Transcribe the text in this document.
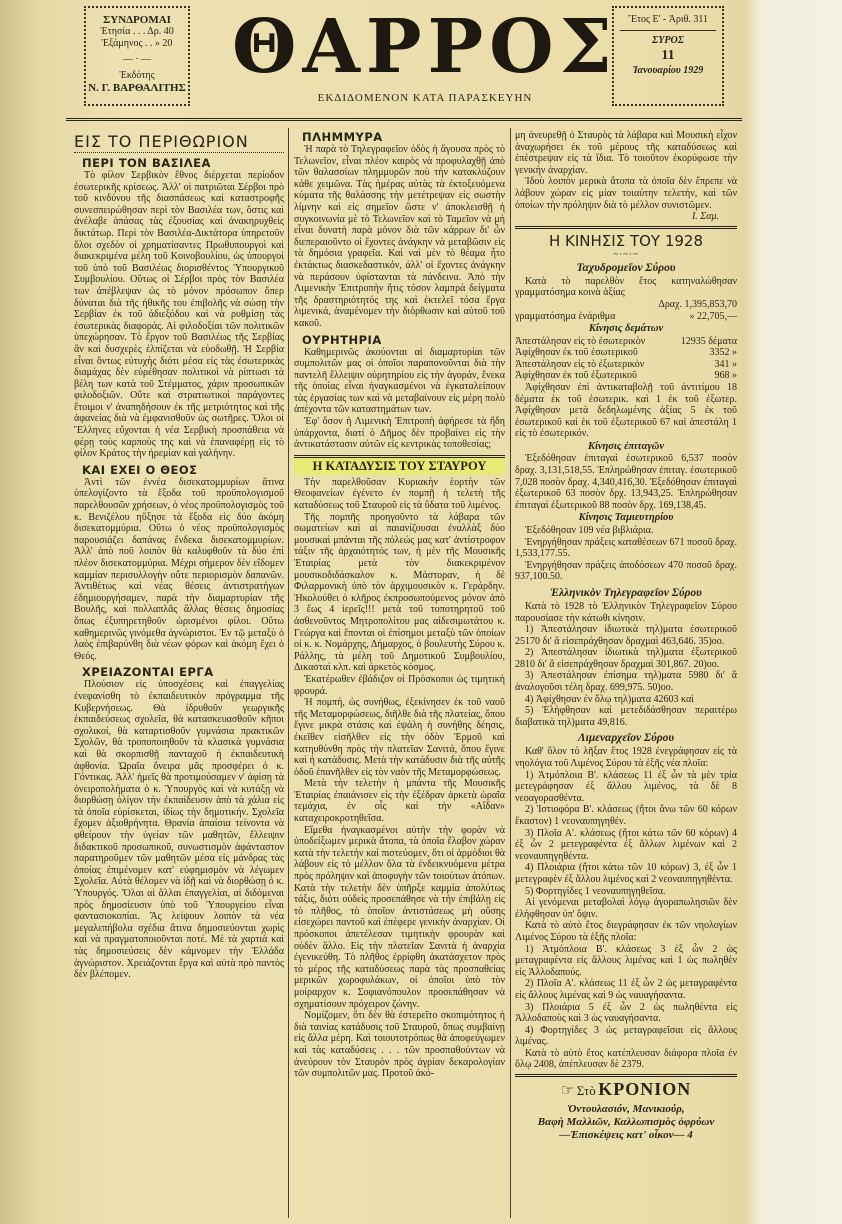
ΣΥΝΔΡΟΜΑΙ
Ἐτησία . . . Δρ. 40
Ἐξάμηνος . . » 20
— · —
Ἐκδότης
Ν. Γ. ΒΑΡΘΑΛΙΤΗΣ ΘΑΡΡΟΣ
ΕΚΔΙΔΟΜΕΝΟΝ ΚΑΤΑ ΠΑΡΑΣΚΕΥΗΝ
Ἔτος Ε' - Ἀριθ. 311
ΣΥΡΟΣ
11
Ἰανουαρίου 1929
ΕΙΣ ΤΟ ΠΕΡΙΘΩΡΙΟΝ
ΠΕΡΙ ΤΟΝ ΒΑΣΙΛΕΑ

Τὸ φίλον Σερβικὸν ἔθνος διέρχεται περίοδον ἐσωτερικῆς κρίσεως. Ἀλλ' οἱ πατριῶται Σέρβοι πρὸ τοῦ κινδύνου τῆς διασπάσεως καὶ καταστροφῆς συνεσπειρώθησαν περὶ τὸν Βασιλέα των, ὅστις καὶ ἀνέλαβε ἁπάσας τὰς ἐξουσίας καὶ ἀνακηρυχθεὶς δικτάτωρ. Περὶ τὸν Βασιλέα-Δικτάτορα ὑπηρετοῦν ὅλοι σχεδὸν οἱ χρηματίσαντες Πρωθυπουργοὶ καὶ διακεκριμένα μέλη τοῦ Κοινοβουλίου, ὡς ὑπουργοὶ τοῦ ὑπὸ τοῦ Βασιλέως διορισθέντος Ὑπουργικοῦ Συμβουλίου. Οὕτως οἱ Σέρβοι πρὸς τὸν Βασιλέα των ἀπέβλεψαν ὡς τὸ μόνον πρόσωπον ὅπερ δύναται διὰ τῆς ἠθικῆς του ἐπιβολῆς νὰ σώσῃ τὴν Σερβίαν ἐκ τοῦ ἀδιεξόδου καὶ νὰ ρυθμίσῃ τὰς ἐσωτερικὰς διαφοράς. Αἱ φιλοδοξίαι τῶν πολιτικῶν ὑπεχώρησαν. Τὸ ἔργον τοῦ Βασιλέως τῆς Σερβίας ἂν καὶ δυσχερὲς ἐλπίζεται νὰ εὐοδωθῇ. Ἡ Σερβία εἶναι ὄντως εὐτυχὴς διότι μέσα εἰς τὰς ἐσωτερικὰς διαμάχας δὲν εὑρέθησαν πολιτικοὶ νὰ ρίπτωσι τὰ βέλη των κατὰ τοῦ Στέμματος, χάριν προσωπικῶν φιλοδοξιῶν. Οὔτε καὶ στρατιωτικοὶ παράγοντες ἕτοιμοι ν' ἀναπηδήσουν ἐκ τῆς μετριότητος καὶ τῆς ἀφανείας διὰ νὰ ἐμφανισθοῦν ὡς σωτῆρες. Ὅλοι οἱ Ἕλληνες εὔχονται ἡ νέα Σερβικὴ προσπάθεια νὰ φέρῃ τοὺς καρποὺς της καὶ νὰ ἐπαναφέρῃ εἰς τὸ φίλον Κράτος τὴν ἠρεμίαν καὶ γαλήνην.

ΚΑΙ ΕΧΕΙ Ο ΘΕΟΣ

Ἀντὶ τῶν ἐννέα δισεκατομμυρίων ἅτινα ὑπελογίζοντο τὰ ἔξοδα τοῦ προϋπολογισμοῦ παρελθουσῶν χρήσεων, ὁ νέος προϋπολογισμὸς τοῦ κ. Βενιζέλου ηὔξησε τὰ ἔξοδα εἰς δύο ἀκόμη δισεκατομμύρια. Οὕτω ὁ νέος προϋπολογισμὸς παρουσιάζει δαπάνας ἕνδεκα δισεκατομμυρίων. Ἀλλ' ἀπὸ ποῦ λοιπὸν θὰ καλυφθοῦν τὰ δύο ἐπὶ πλέον δισεκατομμύρια. Μέχρι σήμερον δὲν εἴδομεν καμμίαν περισυλλογὴν οὔτε περιορισμὸν δαπανῶν. Ἀντιθέτως καὶ νέας θέσεις ἀντιστρατήγων ἐδημιουργήσαμεν, παρὰ τὴν διαμαρτυρίαν τῆς Βουλῆς, καὶ πολλαπλᾶς ἄλλας θέσεις δημοσίας ὅπως ἐξυπηρετηθοῦν ὡρισμένοι φίλοι. Οὕτω καθημερινῶς γινόμεθα ἀγνώριστοι. Ἐν τῷ μεταξὺ ὁ λαὸς ἐπιβαρύνθη διὰ νέων φόρων καὶ ἀκόμη ἔχει ὁ Θεός.

ΧΡΕΙΑΖΟΝΤΑΙ ΕΡΓΑ

Πλούσιον εἰς ὑποσχέσεις καὶ ἐπαγγελίας ἐνεφανίσθη τὸ ἐκπαιδευτικὸν πρόγραμμα τῆς Κυβερνήσεως. Θὰ ἱδρυθοῦν γεωργικῆς ἐκπαιδεύσεως σχολεῖα, θὰ κατασκευασθοῦν κῆποι σχολικοί, θὰ καταρτισθοῦν γυμνάσια πρακτικῶν Σχολῶν, θὰ τροποποιηθοῦν τὰ κλασικὰ γυμνάσια καὶ θὰ σκορπισθῇ πανταχοῦ ἡ ἐκπαιδευτικὴ ἀφθονία. Ὡραῖα ὄνειρα μᾶς προσφέρει ὁ κ. Γόντικας. Ἀλλ' ἡμεῖς θὰ προτιμούσαμεν ν' ἀφίσῃ τὰ ὀνειροπολήματα ὁ κ. Ὑπουργὸς καὶ νὰ κυτάξῃ νὰ διορθώσῃ ὀλίγον τὴν ἐκπαίδευσιν ἀπὸ τὰ χάλια εἰς τὰ ὁποῖα εὑρίσκεται, ἰδίως τὴν δημοτικήν. Σχολεῖα ἔχομεν ἀξιοθρήνητα. Θρανία ἀπαίσια τείνοντα νὰ φθείρουν τὴν ὑγείαν τῶν μαθητῶν, ἔλλειψιν διδακτικοῦ προσωπικοῦ, συνωστισμὸν ἀφάνταστον παρατηροῦμεν τῶν μαθητῶν μέσα εἰς μάνδρας τὰς ὁποίας ἐπιμένομεν κατ' εὐφημισμὸν νὰ λέγωμεν Σχολεῖα. Αὐτὰ θέλομεν νὰ ἰδῇ καὶ νὰ διορθώσῃ ὁ κ. Ὑπουργός. Ὅλαι αἱ ἄλλαι ἐπαγγελίαι, αἱ διδόμεναι πρὸς δημοσίευσιν ὑπὸ τοῦ Ὑπουργείου εἶναι φαντασιοκοπίαι. Ἂς λείψουν λοιπὸν τὰ νέα μεγαλεπήβολα σχέδια ἅτινα δημοσιεύονται χωρὶς καὶ νὰ πραγματοποιοῦνται ποτέ. Μὲ τὰ χαρτιὰ καὶ τὰς δημοσιεύσεις δὲν κάμνομεν τὴν Ἑλλάδα ἀγνώριστον. Χρειάζονται ἔργα καὶ αὐτὰ πρὸ παντὸς δὲν βλέπομεν.

ΠΛΗΜΜΥΡΑ

Ἡ παρὰ τὸ Τηλεγραφεῖον ὁδὸς ἡ ἄγουσα πρὸς τὸ Τελωνεῖον, εἶναι πλέον καιρὸς νὰ προφυλαχθῇ ἀπὸ τῶν θαλασσίων πλημμυρῶν ποὺ τὴν κατακλύζουν κάθε χειμῶνα. Τὰς ἡμέρας αὐτὰς τὰ ἐκτοξευόμενα κύματα τῆς θαλάσσης τὴν μετέτρεψαν εἰς σωστὴν λίμνην καὶ εἰς σημεῖον ὥστε ν' ἀποκλεισθῇ ἡ συγκοινωνία μὲ τὸ Τελωνεῖον καὶ τὸ Ταμεῖον νὰ μὴ εἶναι δυνατὴ παρὰ μόνον διὰ τῶν κάρρων δι' ὧν διεπεραιοῦντο οἱ ἔχοντες ἀνάγκην νὰ μεταβῶσιν εἰς τὰ δημόσια γραφεῖα. Καὶ ναὶ μὲν τὸ θέαμα ἦτο ἐκτάκτως διασκεδαστικόν, ἀλλ' οἱ ἔχοντες ἀνάγκην νὰ περάσουν ὑφίστανται τὰ πάνδεινα. Ἀπὸ τὴν Λιμενικὴν Ἐπιτροπὴν ἥτις τόσον λαμπρὰ δείγματα τῆς δραστηριότητός της καὶ ἐκτελεῖ τόσα ἔργα λιμενικά, ἀναμένομεν τὴν διόρθωσιν καὶ αὐτοῦ τοῦ κακοῦ.

ΟΥΡΗΤΗΡΙΑ

Καθημερινῶς ἀκούονται αἱ διαμαρτυρίαι τῶν συμπολιτῶν μας οἱ ὁποῖοι παραπονοῦνται διὰ τὴν παντελῆ ἔλλειψιν οὐρητηρίου εἰς τὴν ἀγοράν, ἕνεκα τῆς ὁποίας εἶναι ἠναγκασμένοι νὰ ἐγκαταλείπουν τὰς ἐργασίας των καὶ νὰ μεταβαίνουν εἰς μέρη πολὺ ἀπέχοντα τῶν καταστημάτων των.

Ἐφ' ὅσον ἡ Λιμενικὴ Ἐπιτροπὴ ἀφήρεσε τὰ ἤδη ὑπάρχοντα, διατί ὁ Δῆμος δὲν προβαίνει εἰς τὴν ἀντικατάστασιν αὐτῶν εἰς κεντρικὰς τοποθεσίας;

Η ΚΑΤΑΔΥΣΙΣ ΤΟΥ ΣΤΑΥΡΟΥ

Τὴν παρελθοῦσαν Κυριακὴν ἑορτὴν τῶν Θεοφανείων ἐγένετο ἐν πομπῇ ἡ τελετὴ τῆς καταδύσεως τοῦ Σταυροῦ εἰς τὰ ὕδατα τοῦ λιμένος.

Τῆς πομπῆς προηγοῦντο τὰ λάβαρα τῶν σωματείων καὶ αἱ παιανίζουσαι ἐναλλὰξ δύο μουσικαὶ μπάνται τῆς πόλεώς μας κατ' ἀντίστροφον τάξιν τῆς ἀρχαιότητός των, ἡ μὲν τῆς Μουσικῆς Ἑταιρίας μετὰ τὸν διακεκριμένον μουσικοδιδάσκαλον κ. Μάστοραν, ἡ δὲ Φιλαρμονικὴ ὑπὸ τὸν ἀρχιμουσικὸν κ. Γεράρδην. Ἠκολούθει ὁ κλῆρος ἐκπροσωπούμενος μόνον ἀπὸ 3 ἕως 4 ἱερεῖς!!! μετὰ τοῦ τοποτηρητοῦ τοῦ ἀσθενοῦντος Μητροπολίτου μας αἰδεσιμωτάτου κ. Γεώργα καὶ ἕπονται οἱ ἐπίσημοι μεταξὺ τῶν ὁποίων οἱ κ. κ. Νομάρχης, Δήμαρχος, ὁ βουλευτὴς Σύρου κ. Ράλλης, τὰ μέλη τοῦ Δημοτικοῦ Συμβουλίου, Δικασταὶ κλπ. καὶ ἀρκετὸς κόσμος.

Ἑκατέρωθεν ἐβάδιζον οἱ Πρόσκοποι ὡς τιμητικὴ φρουρά.

Ἡ πομπή, ὡς συνήθως, ἐξεκίνησεν ἐκ τοῦ ναοῦ τῆς Μεταμορφώσεως, διῆλθε διὰ τῆς πλατείας, ὅπου ἔγινε μικρὰ στάσις καὶ ἐψάλη ἡ συνήθης δέησις, ἐκεῖθεν εἰσῆλθεν εἰς τὴν ὁδὸν Ἑρμοῦ καὶ κατηυθύνθη πρὸς τὴν πλατεῖαν Σανιτά, ὅπου ἔγινε καὶ ἡ κατάδυσις. Μετὰ τὴν κατάδυσιν διὰ τῆς αὐτῆς ὁδοῦ ἐπανῆλθεν εἰς τὸν ναὸν τῆς Μεταμορφώσεως.

Μετὰ τὴν τελετὴν ἡ μπάντα τῆς Μουσικῆς Ἑταιρίας ἐπαιάνισεν εἰς τὴν ἐξέδραν ἀρκετὰ ὡραῖα τεμάχια, ἐν οἷς καὶ τὴν «Αἴδαν» καταχειροκροτηθεῖσα.

Εἴμεθα ἠναγκασμένοι αὐτὴν τὴν φορὰν νὰ ὑποδείξωμεν μερικὰ ἄτοπα, τὰ ὁποῖα ἔλαβον χώραν κατὰ τὴν τελετὴν καὶ πιστεύομεν, ὅτι οἱ ἁρμόδιοι θὰ λάβουν εἰς τὸ μέλλον ὅλα τὰ ἐνδεικνυόμενα μέτρα πρὸς πρόληψιν καὶ ἀποφυγὴν τῶν τοιούτων ἀτόπων. Κατὰ τὴν τελετὴν δὲν ὑπῆρξε καμμία ἀπολύτως τάξις, διότι οὐδεὶς προσεπάθησε νὰ τὴν ἐπιβάλῃ εἰς τὸ πλῆθος, τὸ ὁποῖον ἀντιστάσεως μὴ οὔσης εἰσεχώρει παντοῦ καὶ ἐπέφερε γενικὴν ἀναρχίαν. Οἱ πρόσκοποι ἀπετέλεσαν τιμητικὴν φρουρὰν καὶ οὐδὲν ἄλλο. Εἰς τὴν πλατεῖαν Σανιτὰ ἡ ἀναρχία ἐγενικεύθη. Τὸ πλῆθος ἐρρίφθη ἀκατάσχετον πρὸς τὸ μέρος τῆς καταδύσεως παρὰ τὰς προσπαθείας μερικῶν χωροφυλάκων, οἱ ὁποῖοι ὑπὸ τὸν μοίραρχον κ. Σοφιανόπουλον προσεπάθησαν νὰ σχηματίσουν πρόχειρον ζώνην.

Νομίζομεν, ὅτι δὲν θὰ ἐστερεῖτο σκοπιμότητος ἡ διὰ ταινίας κατάδυσις τοῦ Σταυροῦ, ὅπως συμβαίνῃ εἰς ἄλλα μέρη. Καὶ τοιουτοτρόπως θὰ ἀποφεύγωμεν καὶ τὰς καταδύσεις . . . τῶν προσπαθούντων νὰ ἀνεύρουν τὸν Σταυρὸν πρὸς ἀγρίαν δεκαρολογίαν τῶν συμπολιτῶν μας. Προτοῦ ἀκό-

μη ἀνευρεθῇ ὁ Σταυρὸς τὰ λάβαρα καὶ Μουσικὴ εἶχον ἀναχωρήσει ἐκ τοῦ μέρους τῆς καταδύσεως καὶ ἐπέστρεψαν εἰς τὰ ἴδια. Τὸ τοιοῦτον ἐκορύφωσε τὴν γενικὴν ἀναρχίαν.

Ἰδοὺ λοιπὸν μερικὰ ἄτοπα τὰ ὁποῖα δὲν ἔπρεπε νὰ λάβουν χώραν εἰς μίαν τοιαύτην τελετήν, καὶ τῶν ὁποίων τὴν πρόληψιν διὰ τὸ μέλλον συνιστῶμεν.

Ι. Σαμ.
Η ΚΙΝΗΣΙΣ ΤΟΥ 1928
~·~·~
Ταχυδρομεῖον Σύρου

Κατὰ τὸ παρελθὸν ἔτος κατηναλώθησαν γραμματόσημα κοινὰ ἀξίας

Δραχ. 1,395,853,70
γραμματόσημα ἐνάριθμα	» 22,705,—
Κίνησις δεμάτων
Ἀπεστάλησαν εἰς τὸ ἐσωτερικὸν	12935 δέματα
Ἀφίχθησαν ἐκ τοῦ ἐσωτερικοῦ	3352 »
Ἀπεστάλησαν εἰς τὸ ἐξωτερικὸν	341 »
Ἀφίχθησαν ἐκ τοῦ ἐξωτερικοῦ	968 »

Ἀφίχθησαν ἐπὶ ἀντικαταβολῇ τοῦ ἀντιτίμου 18 δέματα ἐκ τοῦ ἐσωτερικ. καὶ 1 ἐκ τοῦ ἐξωτερ. Ἀφίχθησαν μετὰ δεδηλωμένης ἀξίας 5 ἐκ τοῦ ἐσωτερικοῦ καὶ ἐκ τοῦ ἐξωτερικοῦ 67 καὶ ἀπεστάλη 1 εἰς τὸ ἐσωτερικόν.

Κίνησις ἐπιταγῶν

Ἐξεδόθησαν ἐπιταγαὶ ἐσωτερικοῦ 6,537 ποσὸν δραχ. 3,131,518,55. Ἐπληρώθησαν ἐπιταγ. ἐσωτερικοῦ 7,028 ποσὸν δραχ. 4,340,416,30. Ἐξεδόθησαν ἐπιταγαὶ ἐξωτερικοῦ 63 ποσὸν δρχ. 13,943,25. Ἐπληρώθησαν ἐπιταγαὶ ἐξωτερικοῦ 88 ποσὸν δρχ. 169,138,45.

Κίνησις Ταμιευτηρίου

Ἐξεδόθησαν 109 νέα βιβλιάρια.

Ἐνηργήθησαν πράξεις καταθέσεων 671 ποσοῦ δραχ. 1,533,177.55.

Ἐνηργήθησαν πράξεις ἀποδόσεων 470 ποσοῦ δραχ. 937,100.50.

Ἑλληνικὸν Τηλεγραφεῖον Σύρου

Κατὰ τὸ 1928 τὸ Ἑλληνικὸν Τηλεγραφεῖον Σύρου παρουσίασε τὴν κάτωθι κίνησιν.

1) Ἀπεστάλησαν ἰδιωτικὰ τηλ)ματα ἐσωτερικοῦ 25170 δι' ἃ εἰσεπράχθησαν δραχμαὶ 463,646. 35)οο.

2) Ἀπεστάλησαν ἰδιωτικὰ τηλ)ματα ἐξωτερικοῦ 2810 δι' ἃ εἰσεπράχθησαν δραχμαὶ 301,867. 20)οο.

3) Ἀπεστάλησαν ἐπίσημα τηλ)ματα 5980 δι' ἃ ἀναλογοῦσι τέλη δραχ. 699,975. 50)οο.

4) Ἀφίχθησαν ἐν ὅλῳ τηλ)ματα 42603 καὶ

5) Ἐλήφθησαν καὶ μετεδιδάσθησαν περαιτέρω διαβατικὰ τηλ)ματα 49,816.

Λιμεναρχεῖον Σύρου

Καθ' ὅλον τὸ λῆξαν ἔτος 1928 ἐνεγράφησαν εἰς τὰ νηολόγια τοῦ Λιμένος Σύρου τὰ ἑξῆς νέα πλοῖα:

1) Ἀτμόπλοια Β'. κλάσεως 11 ἐξ ὧν τὰ μὲν τρία μετεγράφησαν ἐξ ἄλλου λιμένος, τὰ δὲ 8 νεοαγορασθέντα.

2) Ἱστιοφόρα Β'. κλάσεως (ἤτοι ἄνω τῶν 60 κόρων ἕκαστον) 1 νεοναυπηγηθέν.

3) Πλοῖα Α'. κλάσεως (ἤτοι κάτω τῶν 60 κόρων) 4 ἐξ ὧν 2 μετεγραφέντα ἐξ ἄλλων λιμένων καὶ 2 νεοναυπηγηθέντα.

4) Πλοιάρια (ἤτοι κάτω τῶν 10 κόρων) 3, ἐξ ὧν 1 μετεγραφὲν ἐξ ἄλλου λιμένος καὶ 2 νεοναυπηγηθέντα.

5) Φορτηγίδες 1 νεοναυπηγηθεῖσα.

Αἱ γενόμεναι μεταβολαὶ λόγῳ ἀγοραπωλησιῶν δὲν ἐλήφθησαν ὑπ' ὄψιν.

Κατὰ τὸ αὐτὸ ἔτος διεγράφησαν ἐκ τῶν νηολογίων Λιμένος Σύρου τὰ ἑξῆς πλοῖα:

1) Ἀτμόπλοια Β'. κλάσεως 3 ἐξ ὧν 2 ὡς μεταγραφέντα εἰς ἄλλους λιμένας καὶ 1 ὡς πωληθὲν εἰς Ἀλλοδαπούς.

2) Πλοῖα Α'. κλάσεως 11 ἐξ ὧν 2 ὡς μεταγραφέντα εἰς ἄλλους λιμένας καὶ 9 ὡς ναυαγήσαντα.

3) Πλοιάρια 5 ἐξ ὧν 2 ὡς πωληθέντα εἰς Ἀλλοδαποὺς καὶ 3 ὡς ναυαγήσαντα.

4) Φορτηγίδες 3 ὡς μεταγραφεῖσαι εἰς ἄλλους λιμένας.

Κατὰ τὸ αὐτὸ ἔτος κατέπλευσαν διάφορα πλοῖα ἐν ὅλῳ 2408, ἀπέπλευσαν δὲ 2379.

☞ Στὸ ΚΡΟΝΙΟΝ
Ὀντουλασιόν, Μανικιούρ,
Βαφὴ Μαλλιῶν, Καλλωπισμὸς ὀφρύων
—Ἐπισκέψεις κατ' οἶκον— 4
